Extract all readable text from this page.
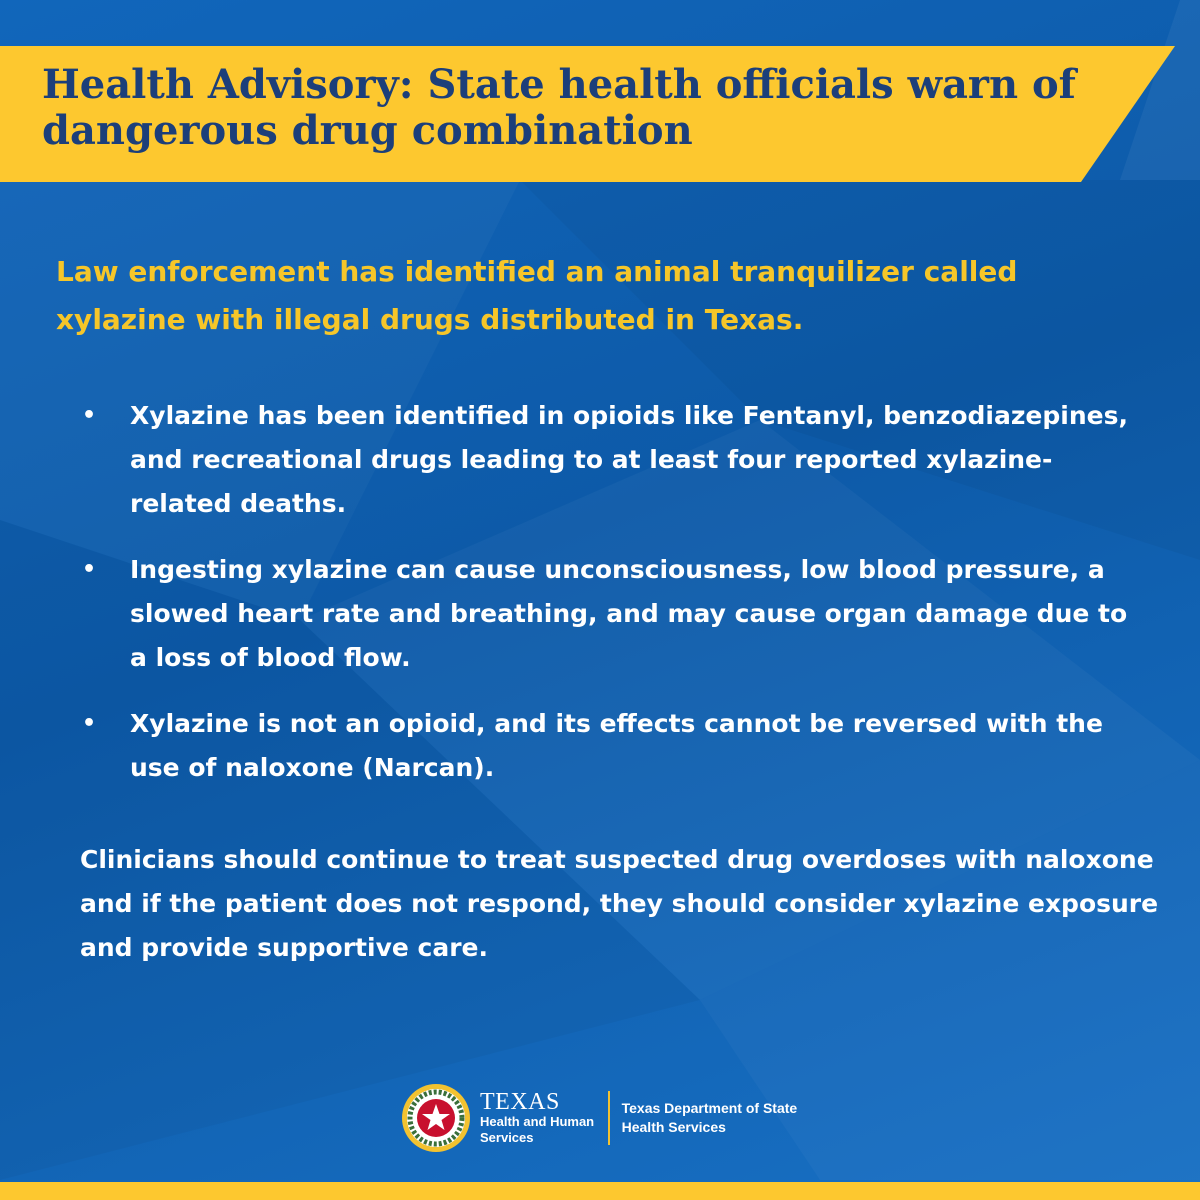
Health Advisory: State health officials warn of dangerous drug combination

Law enforcement has identified an animal tranquilizer called xylazine with illegal drugs distributed in Texas.

• Xylazine has been identified in opioids like Fentanyl, benzodiazepines, and recreational drugs leading to at least four reported xylazine-related deaths.
• Ingesting xylazine can cause unconsciousness, low blood pressure, a slowed heart rate and breathing, and may cause organ damage due to a loss of blood flow.
• Xylazine is not an opioid, and its effects cannot be reversed with the use of naloxone (Narcan).

Clinicians should continue to treat suspected drug overdoses with naloxone and if the patient does not respond, they should consider xylazine exposure and provide supportive care.

TEXAS
Health and Human
Services
Texas Department of State
Health Services
